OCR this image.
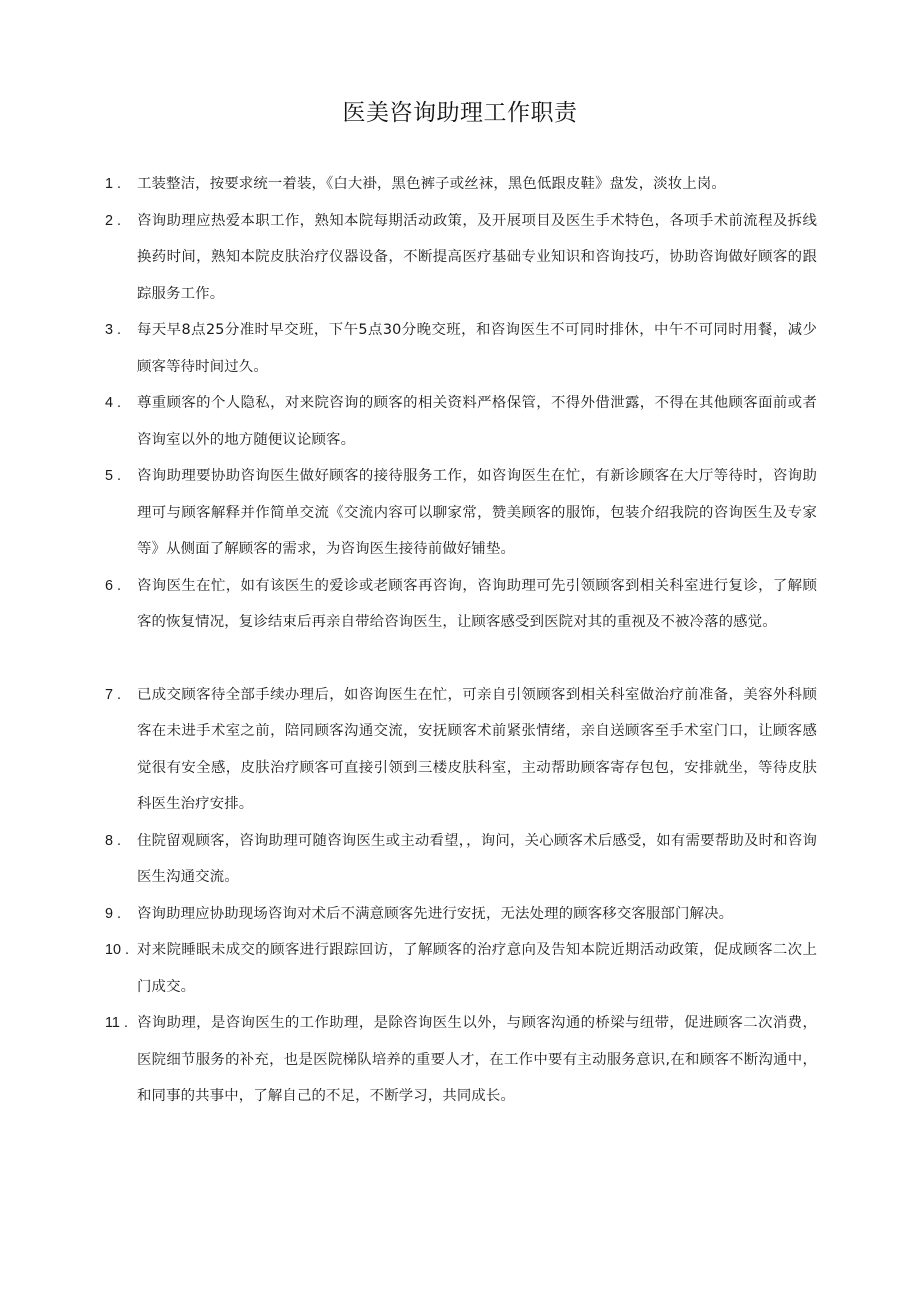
医美咨询助理工作职责
1 .	工装整洁，按要求统一着装，《白大褂，黑色裤子或丝袜，黑色低跟皮鞋》盘发，淡妆上岗。
2 .	咨询助理应热爱本职工作，熟知本院每期活动政策，及开展项目及医生手术特色，各项手术前流程及拆线换药时间，熟知本院皮肤治疗仪器设备，不断提高医疗基础专业知识和咨询技巧，协助咨询做好顾客的跟踪服务工作。
3 .	每天早8点25分准时早交班，下午5点30分晚交班，和咨询医生不可同时排休，中午不可同时用餐，减少顾客等待时间过久。
4 .	尊重顾客的个人隐私，对来院咨询的顾客的相关资料严格保管，不得外借泄露，不得在其他顾客面前或者咨询室以外的地方随便议论顾客。
5 .	咨询助理要协助咨询医生做好顾客的接待服务工作，如咨询医生在忙，有新诊顾客在大厅等待时，咨询助理可与顾客解释并作简单交流《交流内容可以聊家常，赞美顾客的服饰，包装介绍我院的咨询医生及专家等》从侧面了解顾客的需求，为咨询医生接待前做好铺垫。
6 .	咨询医生在忙，如有该医生的爱诊或老顾客再咨询，咨询助理可先引领顾客到相关科室进行复诊，了解顾客的恢复情况，复诊结束后再亲自带给咨询医生，让顾客感受到医院对其的重视及不被冷落的感觉。
7 .	已成交顾客待全部手续办理后，如咨询医生在忙，可亲自引领顾客到相关科室做治疗前准备，美容外科顾客在未进手术室之前，陪同顾客沟通交流，安抚顾客术前紧张情绪，亲自送顾客至手术室门口，让顾客感觉很有安全感，皮肤治疗顾客可直接引领到三楼皮肤科室，主动帮助顾客寄存包包，安排就坐，等待皮肤科医生治疗安排。
8 .	住院留观顾客，咨询助理可随咨询医生或主动看望，，询问，关心顾客术后感受，如有需要帮助及时和咨询医生沟通交流。
9 .	咨询助理应协助现场咨询对术后不满意顾客先进行安抚，无法处理的顾客移交客服部门解决。
10 . 对来院睡眠未成交的顾客进行跟踪回访，了解顾客的治疗意向及告知本院近期活动政策，促成顾客二次上门成交。
11 . 咨询助理，是咨询医生的工作助理，是除咨询医生以外，与顾客沟通的桥梁与纽带，促进顾客二次消费，医院细节服务的补充，也是医院梯队培养的重要人才，在工作中要有主动服务意识,在和顾客不断沟通中，和同事的共事中，了解自己的不足，不断学习，共同成长。
